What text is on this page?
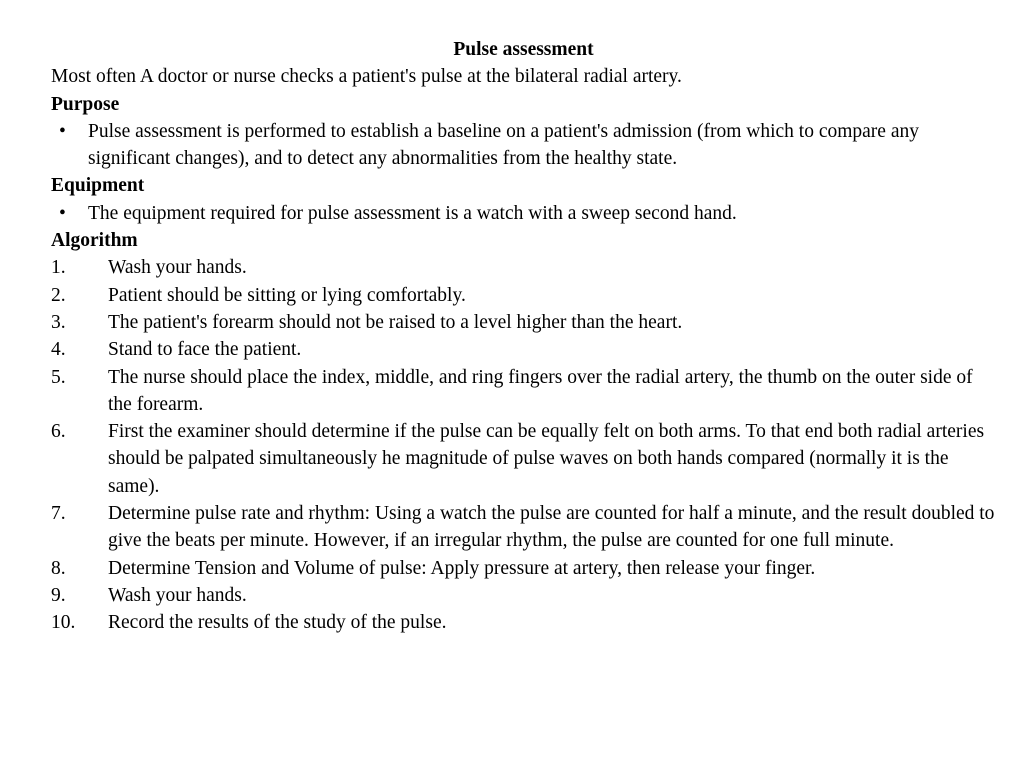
Pulse assessment
Most often A doctor or nurse checks a patient's pulse at the bilateral radial artery.
Purpose
•	Pulse assessment is performed to establish a baseline on a patient's admission (from which to compare any significant changes), and to detect any abnormalities from the healthy state.
Equipment
•	The equipment required for pulse assessment is a watch with a sweep second hand.
Algorithm
1.	Wash your hands.
2.	Patient should be sitting or lying comfortably.
3.	The patient's forearm should not be raised to a level higher than the heart.
4.	Stand to face the patient.
5.	The nurse should place the index, middle, and ring fingers over the radial artery, the thumb on the outer side of the forearm.
6.	First the examiner should determine if the pulse can be equally felt on both arms. To that end both radial arteries should be palpated simultaneously he magnitude of pulse waves on both hands compared (normally it is the same).
7.	Determine pulse rate and rhythm: Using a watch the pulse are counted for half a minute, and the result doubled to give the beats per minute. However, if an irregular rhythm, the pulse are counted for one full minute.
8.	Determine Tension and Volume of pulse: Apply pressure at artery, then release your finger.
9.	Wash your hands.
10.	Record the results of the study of the pulse.
